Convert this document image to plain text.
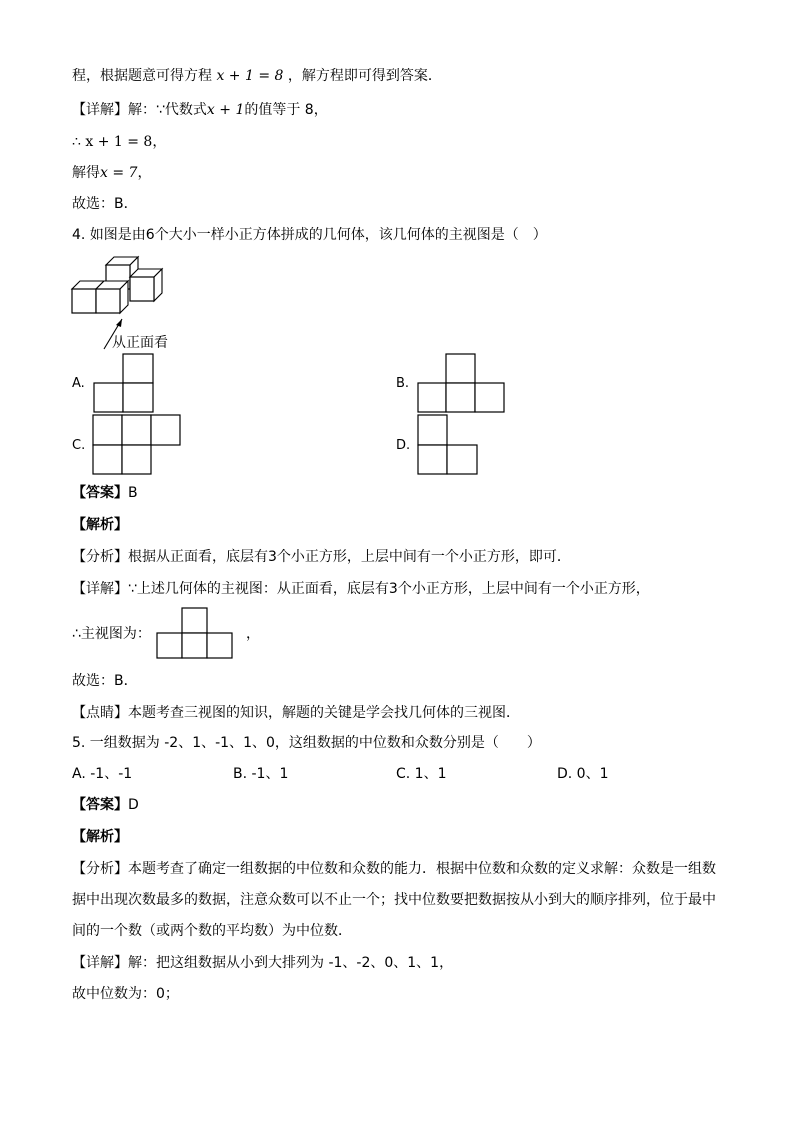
程，根据题意可得方程 x + 1 = 8 ，解方程即可得到答案．
【详解】解：∵代数式x + 1的值等于 8，
∴ x + 1 = 8，
解得x = 7，
故选：B．
4. 如图是由6个大小一样小正方体拼成的几何体，该几何体的主视图是（　）
从正面看
A.	B.
C.	D.
【答案】B
【解析】
【分析】根据从正面看，底层有3个小正方形，上层中间有一个小正方形，即可．
【详解】∵上述几何体的主视图：从正面看，底层有3个小正方形，上层中间有一个小正方形，
∴主视图为：	，
故选：B．
【点睛】本题考查三视图的知识，解题的关键是学会找几何体的三视图．
5. 一组数据为 -2、1、-1、1、0，这组数据的中位数和众数分别是（　　）
A. -1、-1	B. -1、1	C. 1、1	D. 0、1
【答案】D
【解析】
【分析】本题考查了确定一组数据的中位数和众数的能力．根据中位数和众数的定义求解：众数是一组数
据中出现次数最多的数据，注意众数可以不止一个；找中位数要把数据按从小到大的顺序排列，位于最中
间的一个数（或两个数的平均数）为中位数．
【详解】解：把这组数据从小到大排列为 -1、-2、0、1、1，
故中位数为：0；
